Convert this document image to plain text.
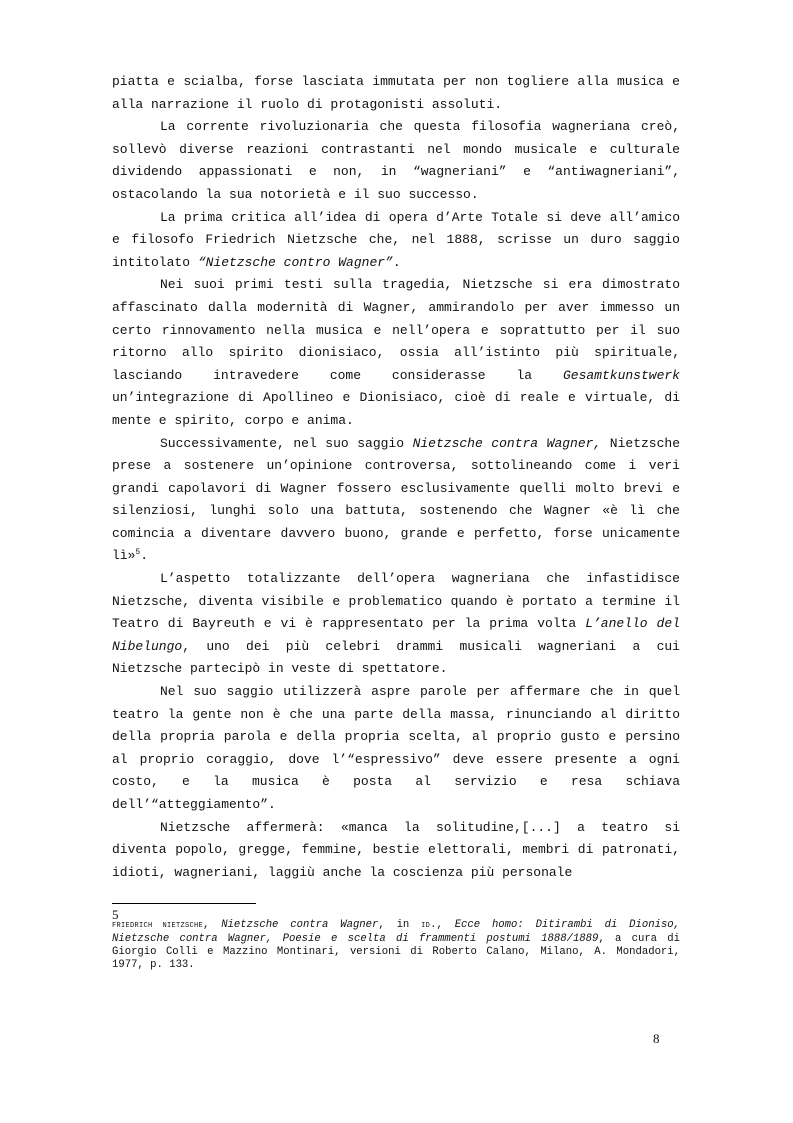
piatta e scialba, forse lasciata immutata per non togliere alla musica e alla narrazione il ruolo di protagonisti assoluti.

La corrente rivoluzionaria che questa filosofia wagneriana creò, sollevò diverse reazioni contrastanti nel mondo musicale e culturale dividendo appassionati e non, in “wagneriani” e “antiwagneriani”, ostacolando la sua notorietà e il suo successo.

La prima critica all’idea di opera d’Arte Totale si deve all’amico e filosofo Friedrich Nietzsche che, nel 1888, scrisse un duro saggio intitolato “Nietzsche contro Wagner”.

Nei suoi primi testi sulla tragedia, Nietzsche si era dimostrato affascinato dalla modernità di Wagner, ammirandolo per aver immesso un certo rinnovamento nella musica e nell’opera e soprattutto per il suo ritorno allo spirito dionisiaco, ossia all’istinto più spirituale, lasciando intravedere come considerasse la Gesamtkunstwerk un’integrazione di Apollineo e Dionisiaco, cioè di reale e virtuale, di mente e spirito, corpo e anima.

Successivamente, nel suo saggio Nietzsche contra Wagner, Nietzsche prese a sostenere un’opinione controversa, sottolineando come i veri grandi capolavori di Wagner fossero esclusivamente quelli molto brevi e silenziosi, lunghi solo una battuta, sostenendo che Wagner «è lì che comincia a diventare davvero buono, grande e perfetto, forse unicamente lì»$^5$.

L’aspetto totalizzante dell’opera wagneriana che infastidisce Nietzsche, diventa visibile e problematico quando è portato a termine il Teatro di Bayreuth e vi è rappresentato per la prima volta L’anello del Nibelungo, uno dei più celebri drammi musicali wagneriani a cui Nietzsche partecipò in veste di spettatore.

Nel suo saggio utilizzerà aspre parole per affermare che in quel teatro la gente non è che una parte della massa, rinunciando al diritto della propria parola e della propria scelta, al proprio gusto e persino al proprio coraggio, dove l’“espressivo” deve essere presente a ogni costo, e la musica è posta al servizio e resa schiava dell’“atteggiamento”.

Nietzsche affermerà: «manca la solitudine,[...] a teatro si diventa popolo, gregge, femmine, bestie elettorali, membri di patronati, idioti, wagneriani, laggiù anche la coscienza più personale

5
FRIEDRICH NIETZSCHE, Nietzsche contra Wagner, in ID., Ecce homo: Ditirambi di Dioniso, Nietzsche contra Wagner, Poesie e scelta di frammenti postumi 1888/1889, a cura di Giorgio Colli e Mazzino Montinari, versioni di Roberto Calano, Milano, A. Mondadori, 1977, p. 133.
8
